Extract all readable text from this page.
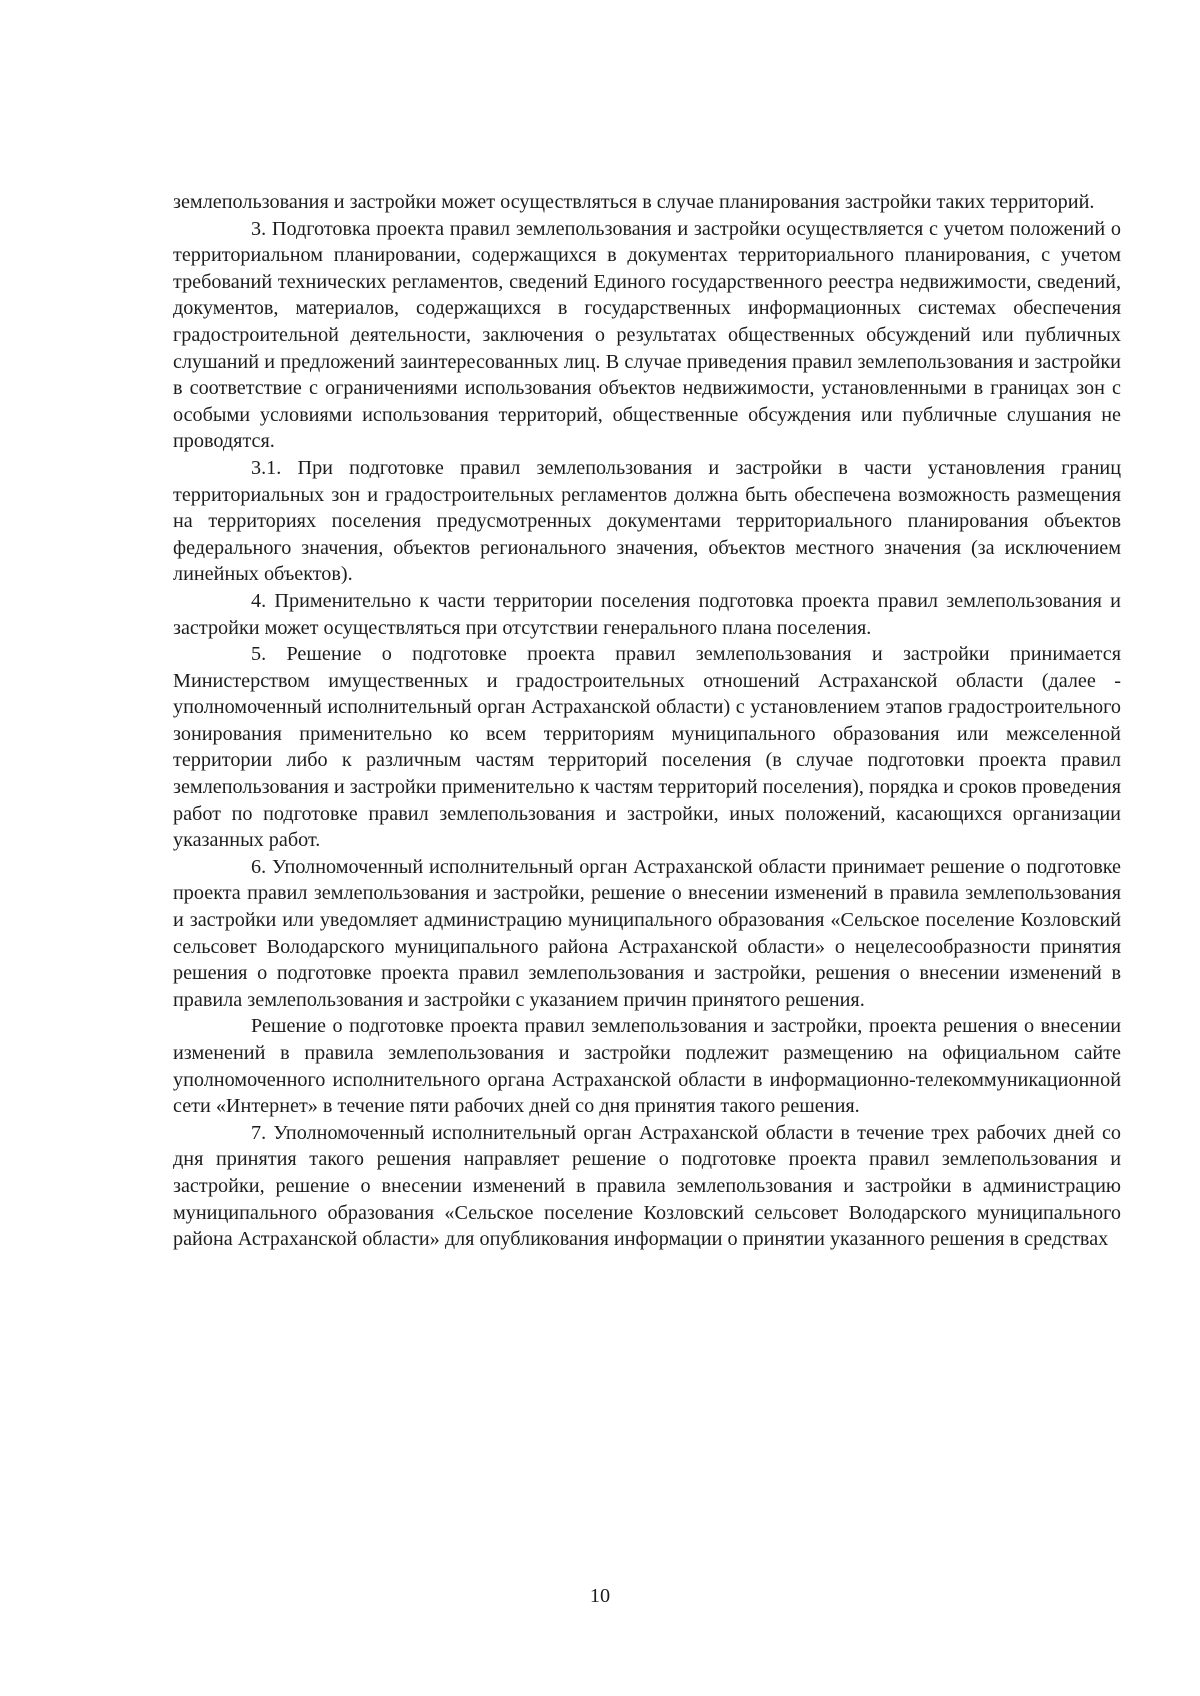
землепользования и застройки может осуществляться в случае планирования застройки таких территорий.

3. Подготовка проекта правил землепользования и застройки осуществляется с учетом положений о территориальном планировании, содержащихся в документах территориального планирования, с учетом требований технических регламентов, сведений Единого государственного реестра недвижимости, сведений, документов, материалов, содержащихся в государственных информационных системах обеспечения градостроительной деятельности, заключения о результатах общественных обсуждений или публичных слушаний и предложений заинтересованных лиц. В случае приведения правил землепользования и застройки в соответствие с ограничениями использования объектов недвижимости, установленными в границах зон с особыми условиями использования территорий, общественные обсуждения или публичные слушания не проводятся.

3.1. При подготовке правил землепользования и застройки в части установления границ территориальных зон и градостроительных регламентов должна быть обеспечена возможность размещения на территориях поселения предусмотренных документами территориального планирования объектов федерального значения, объектов регионального значения, объектов местного значения (за исключением линейных объектов).

4. Применительно к части территории поселения подготовка проекта правил землепользования и застройки может осуществляться при отсутствии генерального плана поселения.

5. Решение о подготовке проекта правил землепользования и застройки принимается Министерством имущественных и градостроительных отношений Астраханской области (далее - уполномоченный исполнительный орган Астраханской области) с установлением этапов градостроительного зонирования применительно ко всем территориям муниципального образования или межселенной территории либо к различным частям территорий поселения (в случае подготовки проекта правил землепользования и застройки применительно к частям территорий поселения), порядка и сроков проведения работ по подготовке правил землепользования и застройки, иных положений, касающихся организации указанных работ.

6. Уполномоченный исполнительный орган Астраханской области принимает решение о подготовке проекта правил землепользования и застройки, решение о внесении изменений в правила землепользования и застройки или уведомляет администрацию муниципального образования «Сельское поселение Козловский сельсовет Володарского муниципального района Астраханской области» о нецелесообразности принятия решения о подготовке проекта правил землепользования и застройки, решения о внесении изменений в правила землепользования и застройки с указанием причин принятого решения.

Решение о подготовке проекта правил землепользования и застройки, проекта решения о внесении изменений в правила землепользования и застройки подлежит размещению на официальном сайте уполномоченного исполнительного органа Астраханской области в информационно-телекоммуникационной сети «Интернет» в течение пяти рабочих дней со дня принятия такого решения.

7. Уполномоченный исполнительный орган Астраханской области в течение трех рабочих дней со дня принятия такого решения направляет решение о подготовке проекта правил землепользования и застройки, решение о внесении изменений в правила землепользования и застройки в администрацию муниципального образования «Сельское поселение Козловский сельсовет Володарского муниципального района Астраханской области» для опубликования информации о принятии указанного решения в средствах

10
